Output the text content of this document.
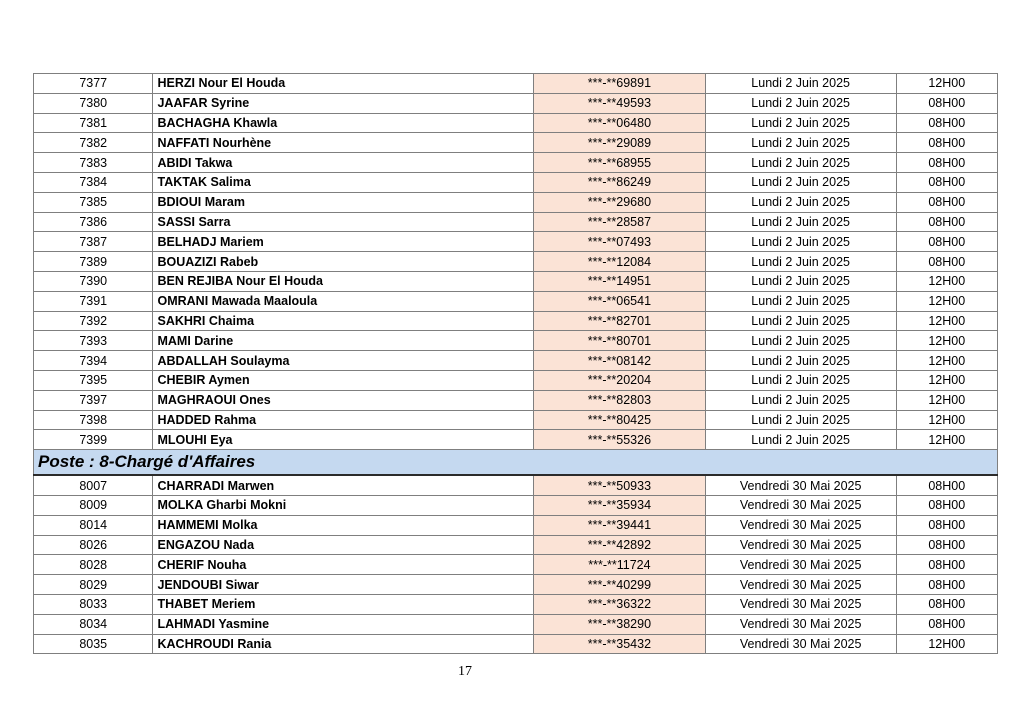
7377	HERZI Nour El Houda	***-**69891	Lundi 2 Juin 2025	12H00
7380	JAAFAR Syrine	***-**49593	Lundi 2 Juin 2025	08H00
7381	BACHAGHA Khawla	***-**06480	Lundi 2 Juin 2025	08H00
7382	NAFFATI Nourhène	***-**29089	Lundi 2 Juin 2025	08H00
7383	ABIDI Takwa	***-**68955	Lundi 2 Juin 2025	08H00
7384	TAKTAK Salima	***-**86249	Lundi 2 Juin 2025	08H00
7385	BDIOUI Maram	***-**29680	Lundi 2 Juin 2025	08H00
7386	SASSI Sarra	***-**28587	Lundi 2 Juin 2025	08H00
7387	BELHADJ Mariem	***-**07493	Lundi 2 Juin 2025	08H00
7389	BOUAZIZI Rabeb	***-**12084	Lundi 2 Juin 2025	08H00
7390	BEN REJIBA Nour El Houda	***-**14951	Lundi 2 Juin 2025	12H00
7391	OMRANI Mawada Maaloula	***-**06541	Lundi 2 Juin 2025	12H00
7392	SAKHRI Chaima	***-**82701	Lundi 2 Juin 2025	12H00
7393	MAMI Darine	***-**80701	Lundi 2 Juin 2025	12H00
7394	ABDALLAH Soulayma	***-**08142	Lundi 2 Juin 2025	12H00
7395	CHEBIR Aymen	***-**20204	Lundi 2 Juin 2025	12H00
7397	MAGHRAOUI Ones	***-**82803	Lundi 2 Juin 2025	12H00
7398	HADDED Rahma	***-**80425	Lundi 2 Juin 2025	12H00
7399	MLOUHI Eya	***-**55326	Lundi 2 Juin 2025	12H00
Poste : 8-Chargé d'Affaires				
8007	CHARRADI Marwen	***-**50933	Vendredi 30 Mai 2025	08H00
8009	MOLKA Gharbi Mokni	***-**35934	Vendredi 30 Mai 2025	08H00
8014	HAMMEMI Molka	***-**39441	Vendredi 30 Mai 2025	08H00
8026	ENGAZOU Nada	***-**42892	Vendredi 30 Mai 2025	08H00
8028	CHERIF Nouha	***-**11724	Vendredi 30 Mai 2025	08H00
8029	JENDOUBI Siwar	***-**40299	Vendredi 30 Mai 2025	08H00
8033	THABET Meriem	***-**36322	Vendredi 30 Mai 2025	08H00
8034	LAHMADI Yasmine	***-**38290	Vendredi 30 Mai 2025	08H00
8035	KACHROUDI Rania	***-**35432	Vendredi 30 Mai 2025	12H00
17
